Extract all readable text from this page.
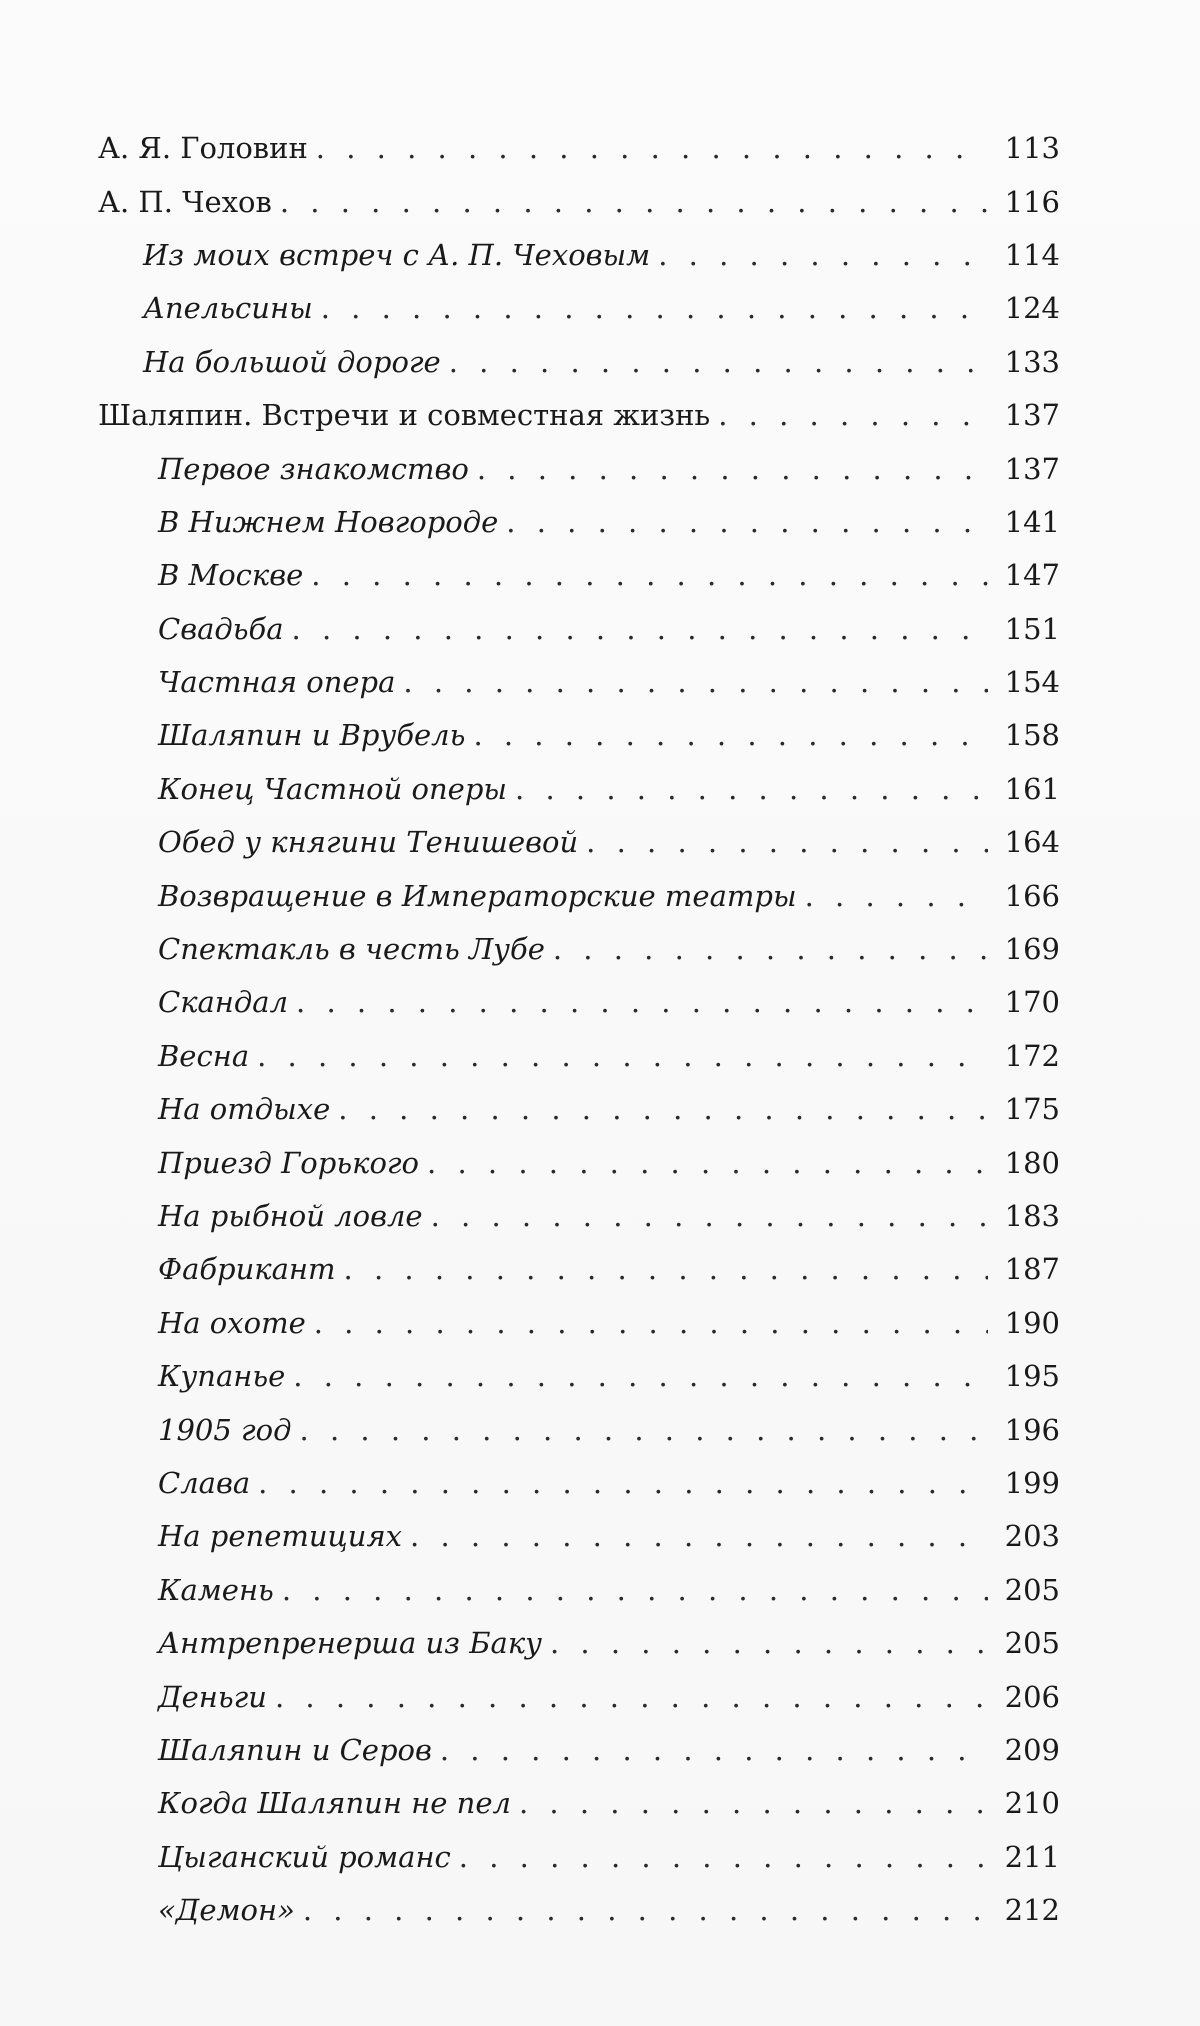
А. Я. Головин . . .	113
А. П. Чехов . . .	116
Из моих встреч с А. П. Чеховым . . .	114
Апельсины . . .	124
На большой дороге . . .	133
Шаляпин. Встречи и совместная жизнь . . .	137
Первое знакомство . . .	137
В Нижнем Новгороде . . .	141
В Москве . . .	147
Свадьба . . .	151
Частная опера . . .	154
Шаляпин и Врубель . . .	158
Конец Частной оперы . . .	161
Обед у княгини Тенишевой . . .	164
Возвращение в Императорские театры . . .	166
Спектакль в честь Лубе . . .	169
Скандал . . .	170
Весна . . .	172
На отдыхе . . .	175
Приезд Горького . . .	180
На рыбной ловле . . .	183
Фабрикант . . .	187
На охоте . . .	190
Купанье . . .	195
1905 год . . .	196
Слава . . .	199
На репетициях . . .	203
Камень . . .	205
Антрепренерша из Баку . . .	205
Деньги . . .	206
Шаляпин и Серов . . .	209
Когда Шаляпин не пел . . .	210
Цыганский романс . . .	211
«Демон» . . .	212
